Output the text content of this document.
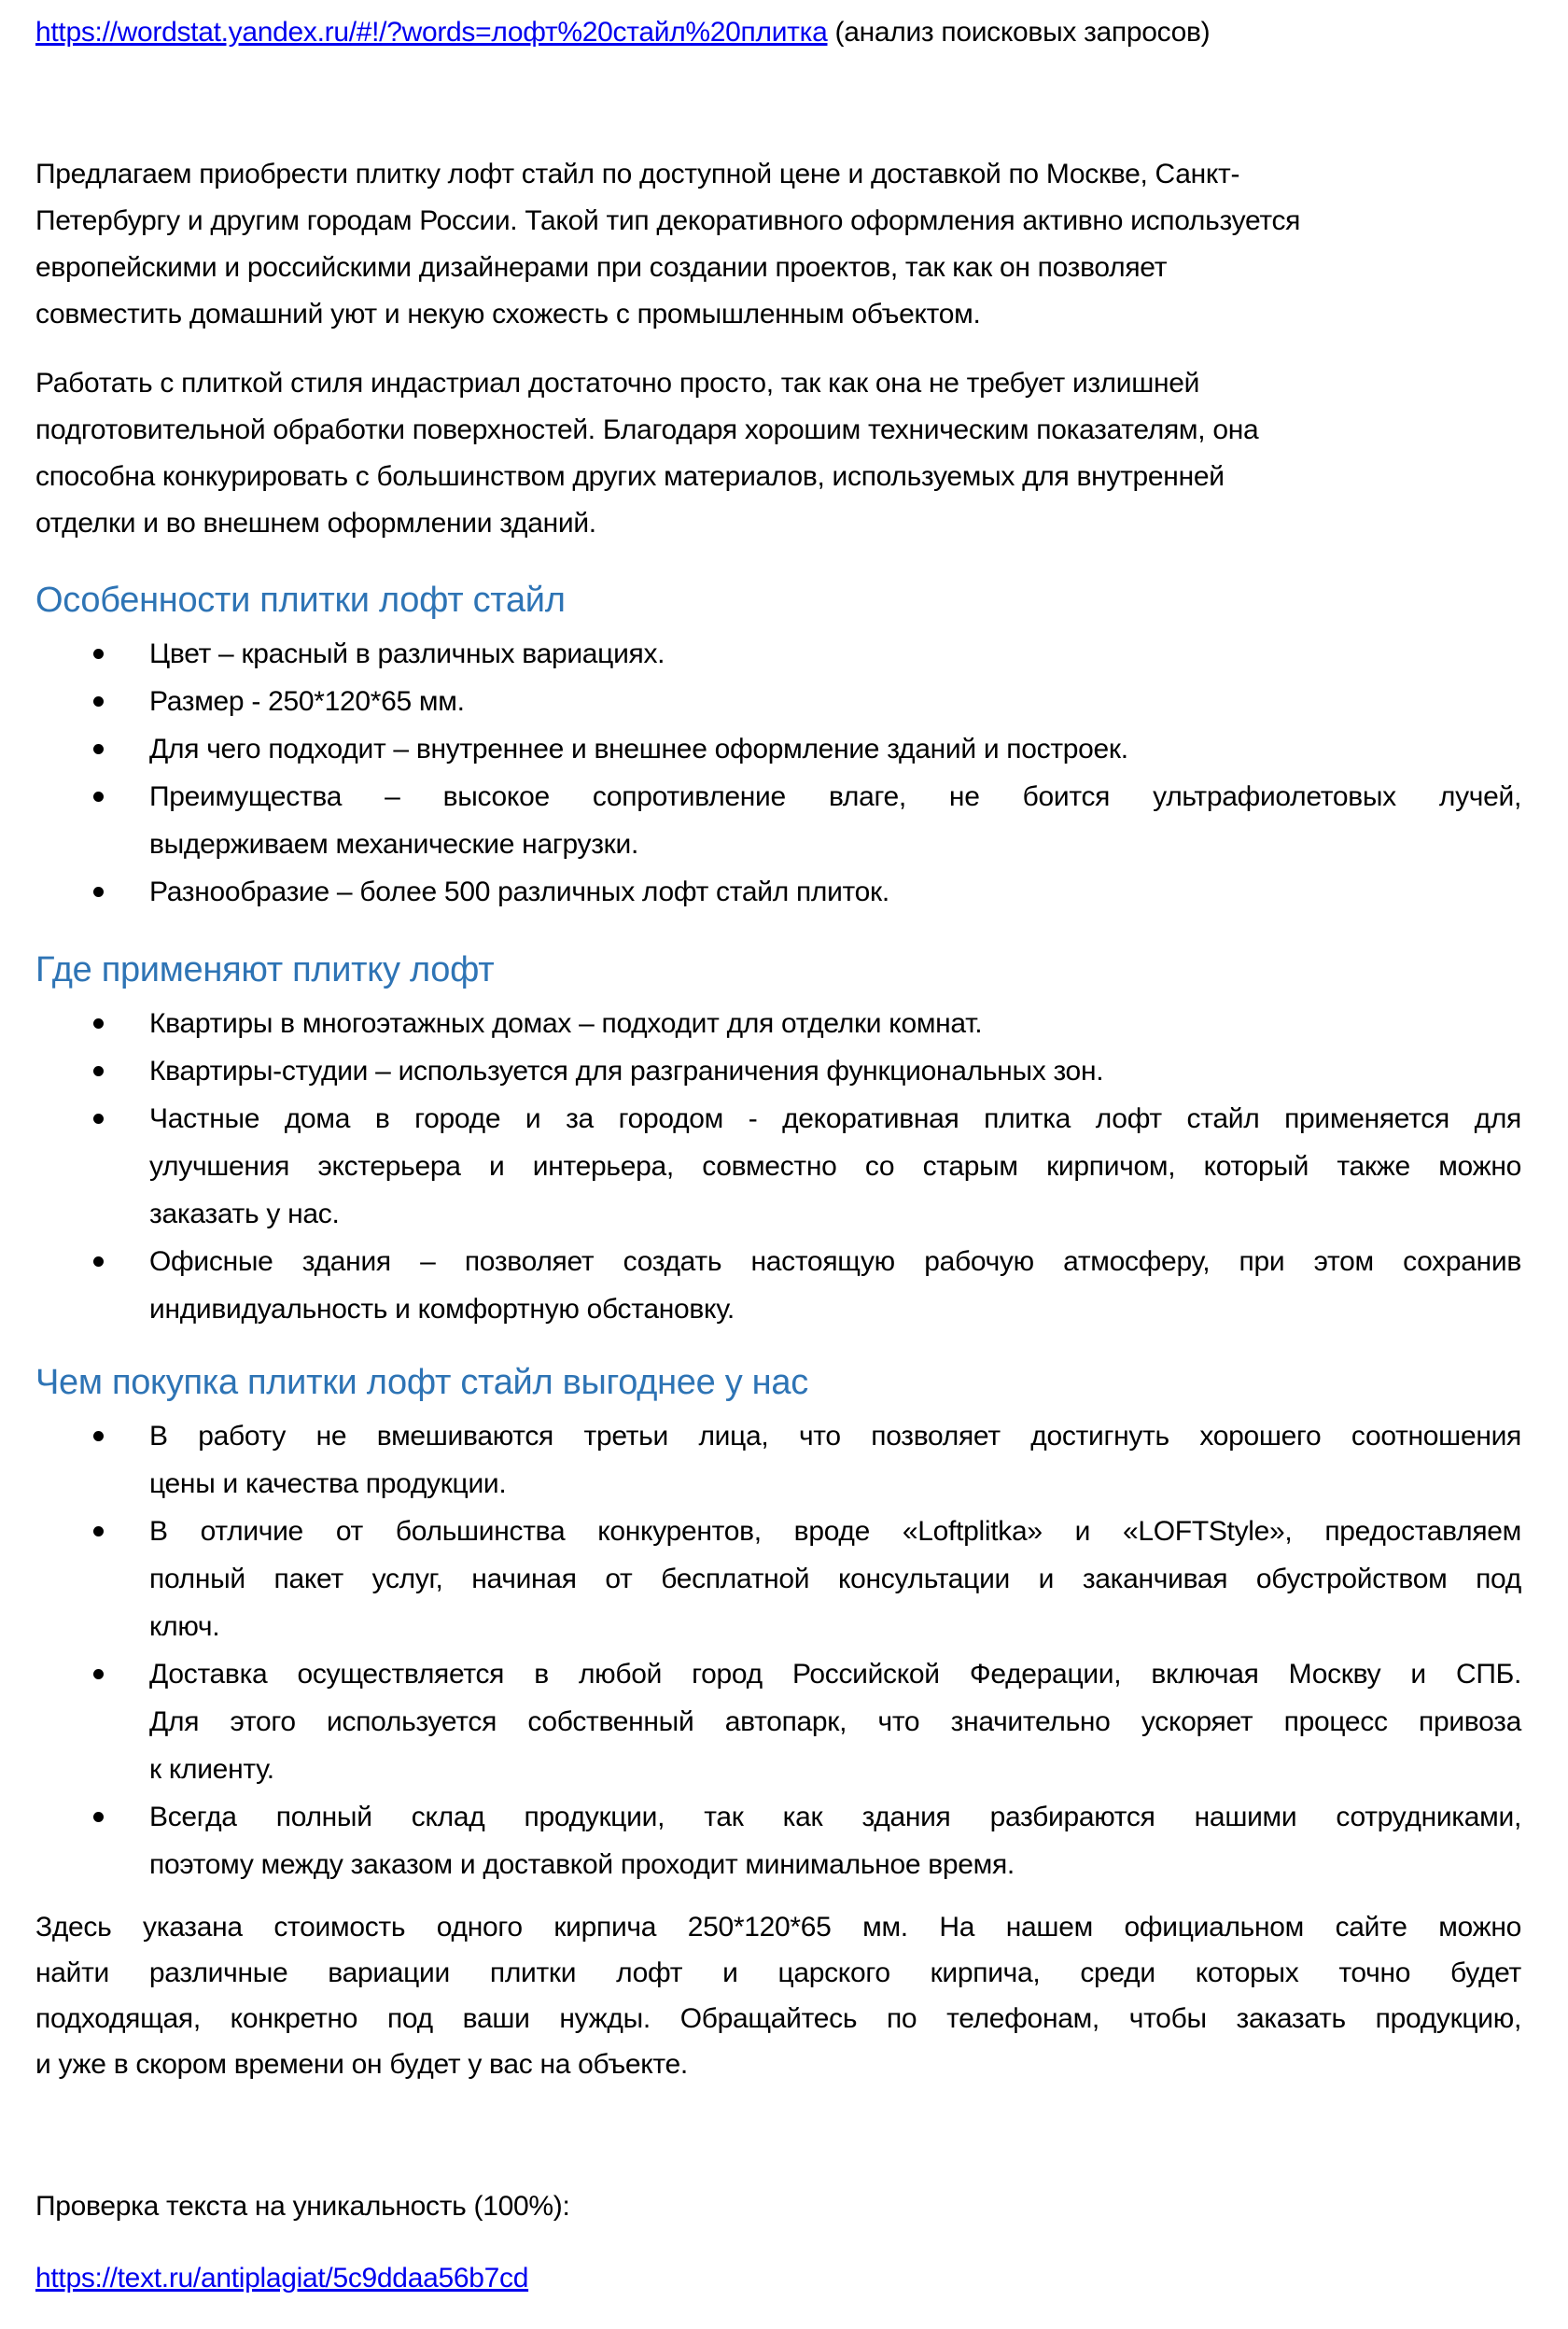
https://wordstat.yandex.ru/#!/?words=лофт%20стайл%20плитка (анализ поисковых запросов)
Предлагаем приобрести плитку лофт стайл по доступной цене и доставкой по Москве, Санкт-
Петербургу и другим городам России. Такой тип декоративного оформления активно используется
европейскими и российскими дизайнерами при создании проектов, так как он позволяет
совместить домашний уют и некую схожесть с промышленным объектом.
Работать с плиткой стиля индастриал достаточно просто, так как она не требует излишней
подготовительной обработки поверхностей. Благодаря хорошим техническим показателям, она
способна конкурировать с большинством других материалов, используемых для внутренней
отделки и во внешнем оформлении зданий.
Особенности плитки лофт стайл
Цвет – красный в различных вариациях.
Размер - 250*120*65 мм.
Для чего подходит – внутреннее и внешнее оформление зданий и построек.
Преимущества – высокое сопротивление влаге, не боится ультрафиолетовых лучей,
выдерживаем механические нагрузки.
Разнообразие – более 500 различных лофт стайл плиток.
Где применяют плитку лофт
Квартиры в многоэтажных домах – подходит для отделки комнат.
Квартиры-студии – используется для разграничения функциональных зон.
Частные дома в городе и за городом - декоративная плитка лофт стайл применяется для
улучшения экстерьера и интерьера, совместно со старым кирпичом, который также можно
заказать у нас.
Офисные здания – позволяет создать настоящую рабочую атмосферу, при этом сохранив
индивидуальность и комфортную обстановку.
Чем покупка плитки лофт стайл выгоднее у нас
В работу не вмешиваются третьи лица, что позволяет достигнуть хорошего соотношения
цены и качества продукции.
В отличие от большинства конкурентов, вроде «Loftplitka» и «LOFTStyle», предоставляем
полный пакет услуг, начиная от бесплатной консультации и заканчивая обустройством под
ключ.
Доставка осуществляется в любой город Российской Федерации, включая Москву и СПБ.
Для этого используется собственный автопарк, что значительно ускоряет процесс привоза
к клиенту.
Всегда полный склад продукции, так как здания разбираются нашими сотрудниками,
поэтому между заказом и доставкой проходит минимальное время.
Здесь указана стоимость одного кирпича 250*120*65 мм. На нашем официальном сайте можно
найти различные вариации плитки лофт и царского кирпича, среди которых точно будет
подходящая, конкретно под ваши нужды. Обращайтесь по телефонам, чтобы заказать продукцию,
и уже в скором времени он будет у вас на объекте.
Проверка текста на уникальность (100%):
https://text.ru/antiplagiat/5c9ddaa56b7cd
